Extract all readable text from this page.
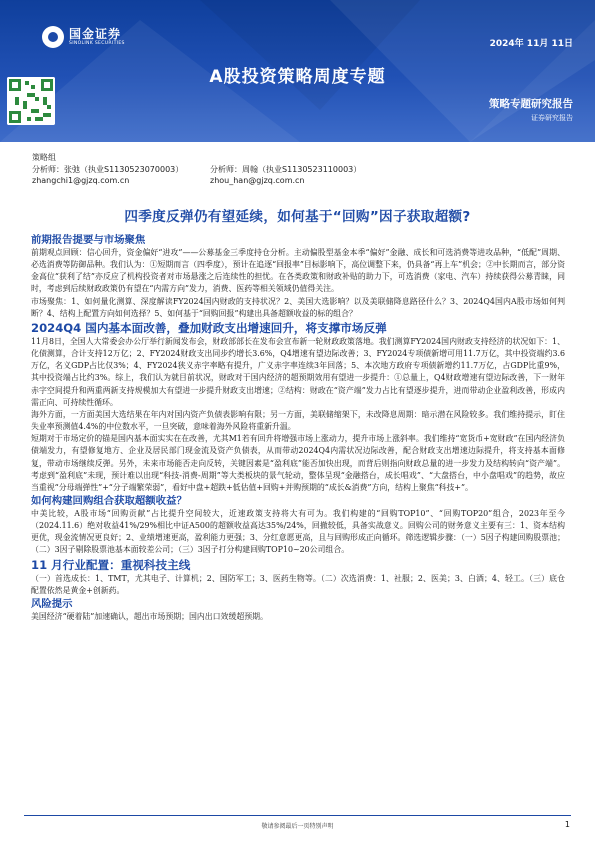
国金证券
SINOLINK SECURITIES	2024年 11月 11日
A股投资策略周度专题
策略专题研究报告
证券研究报告
策略组
分析师：张弛（执业S1130523070003）	分析师：周翰（执业S1130523110003）
zhangchi1@gjzq.com.cn	zhou_han@gjzq.com.cn
四季度反弹仍有望延续，如何基于“回购”因子获取超额?

前期报告提要与市场聚焦

前期观点回顾：信心回升，资金偏好“进攻”——公募基金三季度持仓分析。主动偏股型基金本季“偏好”金融、成长和可选消费等进攻品种，“低配”周期、必选消费等防御品种。我们认为：①短期而言（四季度），预计在追逐“回报率”目标影响下，高位调整下来，仍具备“再上车”机会；②中长期而言，部分资金高位“获利了结”亦反应了机构投资者对市场悬涨之后连续性的担忧。在各类政策和财政补贴的助力下，可选消费（家电、汽车）持续获得公募青睐，同时，考虑到后续财政政策仍有望在“内需方向”发力，消费、医药等相关领域仍值得关注。

市场聚焦：1、如何量化测算、深度解读FY2024国内财政的支持状况？2、美国大选影响？以及美联储降息路径什么？3、2024Q4国内A股市场如何判断？4、结构上配置方向如何选择？5、如何基于“回购回报”构建出具备超额收益的标的组合？

2024Q4 国内基本面改善，叠加财政支出增速回升，将支撑市场反弹

11月8日，全国人大常委会办公厅举行新闻发布会，财政部部长在发布会宣布新一轮财政政策落地。我们测算FY2024国内财政支持经济的状况如下：1、化债测算，合计支持12万亿；2、FY2024财政支出同步约增长3.6%，Q4增速有望边际改善；3、FY2024专项债新增可用11.7万亿，其中投资端约3.6万亿，名义GDP占比仅3%；4、FY2024狭义赤字率略有提升，广义赤字率连续3年回落；5、本次地方政府专项债新增约11.7万亿，占GDP比重9%，其中投资端占比约3%。综上，我们认为就目前状况，财政对于国内经济的超预期效用有望进一步提升：①总量上，Q4财政增速有望边际改善，下一财年赤字空间提升和两重两新支持规模加大有望进一步提升财政支出增速；②结构：财政在“资产端”发力占比有望逐步提升，进而带动企业盈利改善，形成内需正向、可持续性循环。

海外方面，一方面美国大选结果在年内对国内资产负债表影响有限；另一方面，美联储缩架下，未改降息周期：暗示潜在风险较多。我们维持提示，盯住失业率预测值4.4%的中位数水平，一旦突破，意味着海外风险将重新升温。

短期对于市场定价的锚是国内基本面实实在在改善，尤其M1若有回升将增强市场上涨动力，提升市场上涨斜率。我们维持“宽货币+宽财政”在国内经济负债端发力，有望修复地方、企业及居民部门现金流及资产负债表，从而带动2024Q4内需状况边际改善，配合财政支出增速边际提升，将支持基本面修复，带动市场继续反弹。另外，未来市场能否走向反转，关键因素是“盈利底”能否加快出现，而背后则指向财政总量的进一步发力及结构转向“资产端”。考虑到“盈利底”未现，预计难以出现“科技-消费-周期”等大类板块的景气轮动，整体呈现“金融搭台，成长唱戏”、“大盘搭台，中小盘唱戏”的趋势，故应当重视“分母端弹性”+“分子端繁荣弱”，看好中盘+超跌+低估值+回购+并购预期的“成长&消费”方向，结构上聚焦“科技+”。

如何构建回购组合获取超额收益？

中美比较，A股市场“回购贡献”占比提升空间较大，近速政策支持将大有可为。我们构建的“回购TOP10”、“回购TOP20”组合，2023年至今（2024.11.6）绝对收益41%/29%相比中证A500的超额收益高达35%/24%，回撤较低，具备实战意义。回购公司的财务意义主要有三：1、资本结构更优，现金流情况更良好；2、业绩增速更高，盈利能力更强；3、分红意愿更高，且与回购形成正向循环。筛选逻辑步骤：（一）5因子构建回购股票池；（二）3因子剔除股票池基本面较差公司；（三）3因子打分构建回购TOP10~20公司组合。

11 月行业配置：重视科技主线

（一）首选成长：1、TMT，尤其电子、计算机；2、国防军工；3、医药生物等。（二）次选消费：1、社服；2、医美；3、白酒；4、轻工。（三）底仓配置依然是黄金+创新药。

风险提示

美国经济“硬着陆”加速确认，超出市场预期；国内出口效缓超预期。

敬请参阅最后一页特别声明	1
